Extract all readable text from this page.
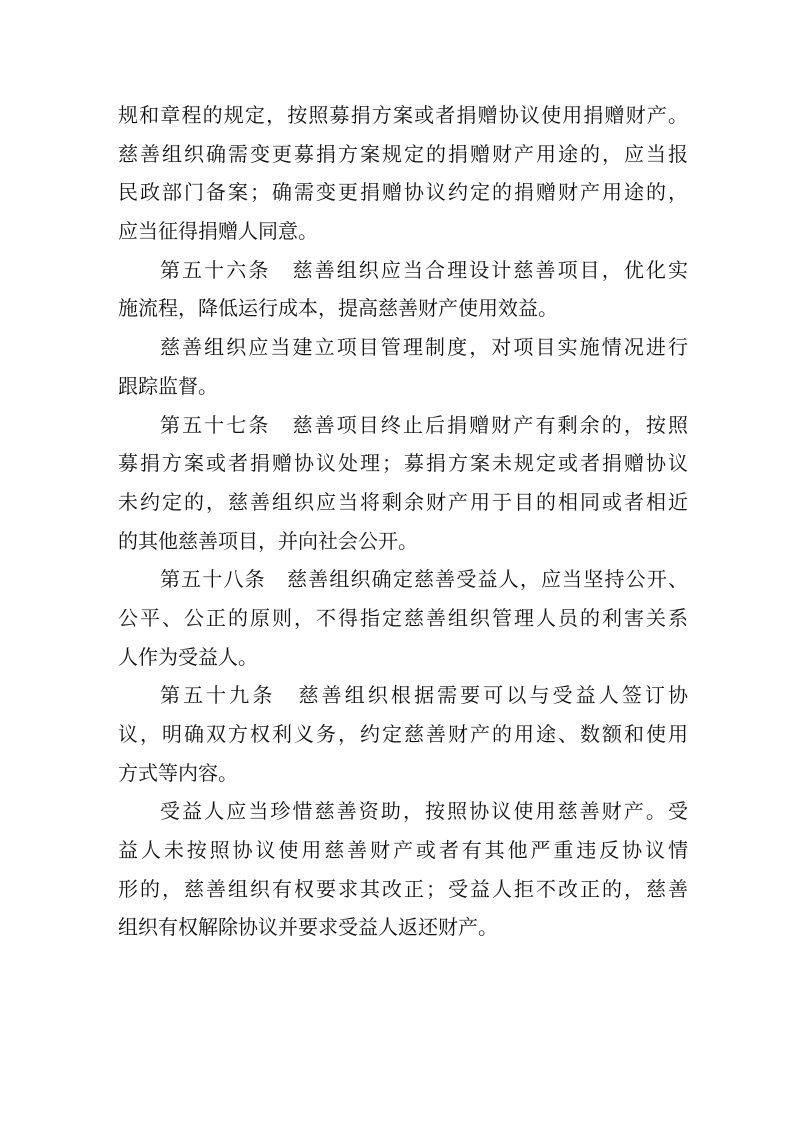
规和章程的规定，按照募捐方案或者捐赠协议使用捐赠财产。
慈善组织确需变更募捐方案规定的捐赠财产用途的，应当报
民政部门备案；确需变更捐赠协议约定的捐赠财产用途的，
应当征得捐赠人同意。
第五十六条　慈善组织应当合理设计慈善项目，优化实
施流程，降低运行成本，提高慈善财产使用效益。
慈善组织应当建立项目管理制度，对项目实施情况进行
跟踪监督。
第五十七条　慈善项目终止后捐赠财产有剩余的，按照
募捐方案或者捐赠协议处理；募捐方案未规定或者捐赠协议
未约定的，慈善组织应当将剩余财产用于目的相同或者相近
的其他慈善项目，并向社会公开。
第五十八条　慈善组织确定慈善受益人，应当坚持公开、
公平、公正的原则，不得指定慈善组织管理人员的利害关系
人作为受益人。
第五十九条　慈善组织根据需要可以与受益人签订协
议，明确双方权利义务，约定慈善财产的用途、数额和使用
方式等内容。
受益人应当珍惜慈善资助，按照协议使用慈善财产。受
益人未按照协议使用慈善财产或者有其他严重违反协议情
形的，慈善组织有权要求其改正；受益人拒不改正的，慈善
组织有权解除协议并要求受益人返还财产。
